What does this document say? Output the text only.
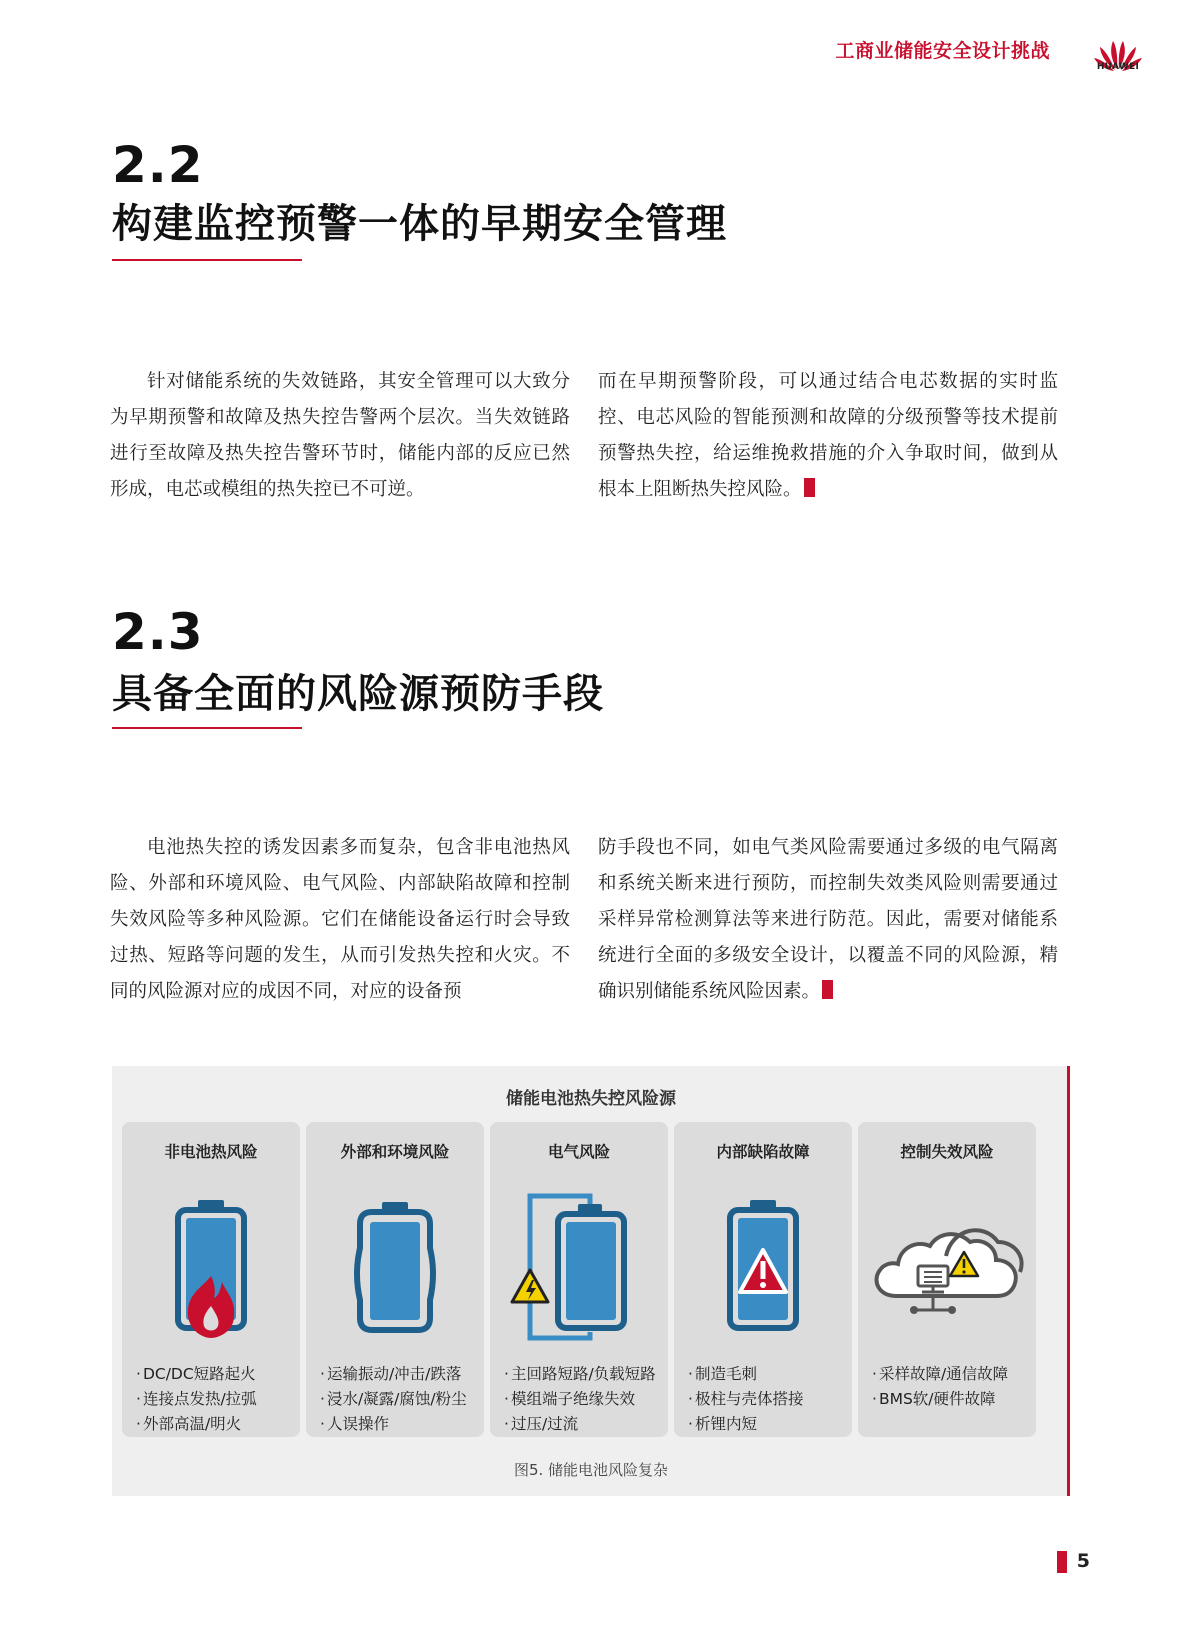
工商业储能安全设计挑战
HUAWEI
2.2
构建监控预警一体的早期安全管理

针对储能系统的失效链路，其安全管理可以大致分为早期预警和故障及热失控告警两个层次。当失效链路进行至故障及热失控告警环节时，储能内部的反应已然形成，电芯或模组的热失控已不可逆。

而在早期预警阶段，可以通过结合电芯数据的实时监控、电芯风险的智能预测和故障的分级预警等技术提前预警热失控，给运维挽救措施的介入争取时间，做到从根本上阻断热失控风险。

2.3
具备全面的风险源预防手段

电池热失控的诱发因素多而复杂，包含非电池热风险、外部和环境风险、电气风险、内部缺陷故障和控制失效风险等多种风险源。它们在储能设备运行时会导致过热、短路等问题的发生，从而引发热失控和火灾。不同的风险源对应的成因不同，对应的设备预

防手段也不同，如电气类风险需要通过多级的电气隔离和系统关断来进行预防，而控制失效类风险则需要通过采样异常检测算法等来进行防范。因此，需要对储能系统进行全面的多级安全设计，以覆盖不同的风险源，精确识别储能系统风险因素。

储能电池热失控风险源
非电池热风险
· DC/DC短路起火
· 连接点发热/拉弧
· 外部高温/明火
外部和环境风险
· 运输振动/冲击/跌落
· 浸水/凝露/腐蚀/粉尘
· 人误操作
电气风险
· 主回路短路/负载短路
· 模组端子绝缘失效
· 过压/过流
内部缺陷故障
· 制造毛刺
· 极柱与壳体搭接
· 析锂内短
控制失效风险
· 采样故障/通信故障
· BMS软/硬件故障
图5. 储能电池风险复杂
5
